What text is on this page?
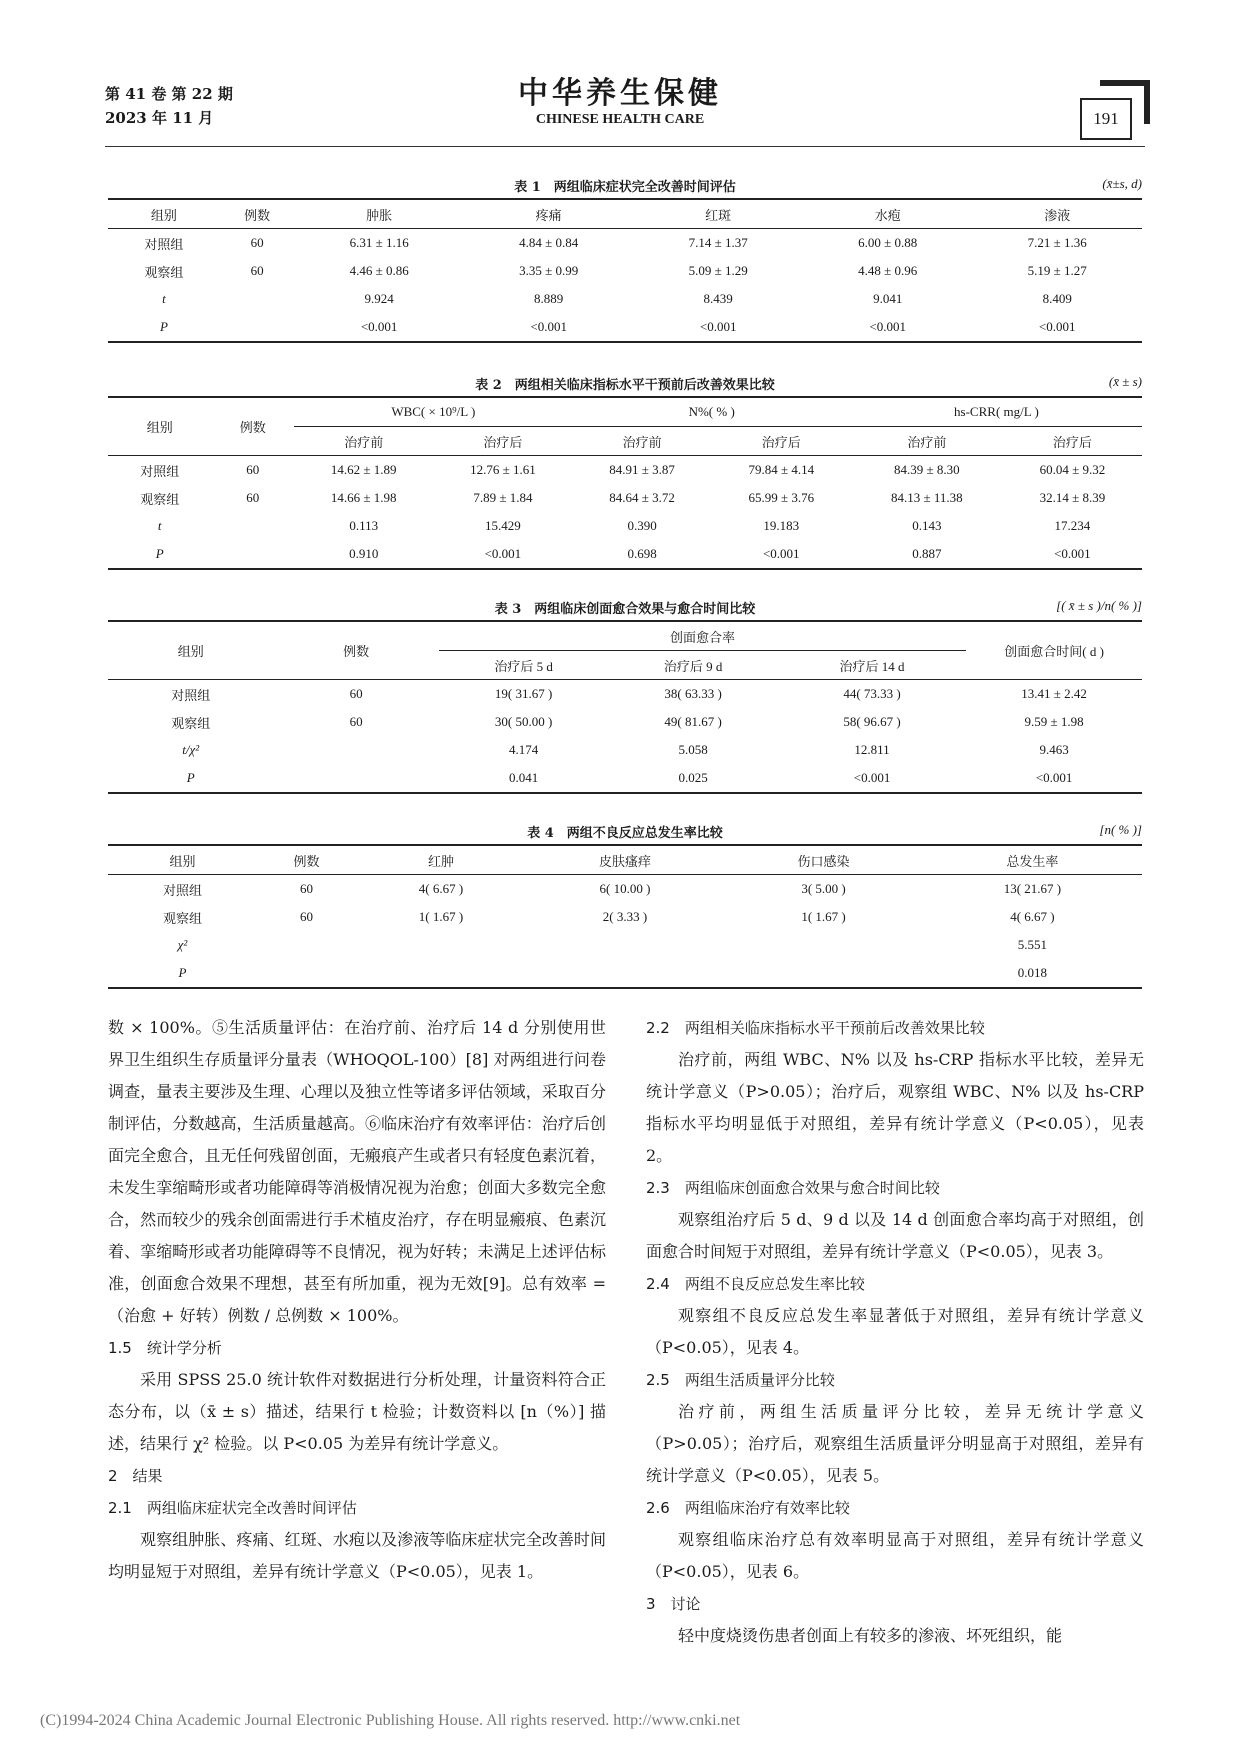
第 41 卷 第 22 期
2023 年 11 月
中华养生保健
CHINESE HEALTH CARE	191
表 1　两组临床症状完全改善时间评估	(x̄±s, d)
组别	例数	肿胀	疼痛	红斑	水疱	渗液
对照组	60	6.31 ± 1.16	4.84 ± 0.84	7.14 ± 1.37	6.00 ± 0.88	7.21 ± 1.36
观察组	60	4.46 ± 0.86	3.35 ± 0.99	5.09 ± 1.29	4.48 ± 0.96	5.19 ± 1.27
t		9.924	8.889	8.439	9.041	8.409
P		<0.001	<0.001	<0.001	<0.001	<0.001
表 2　两组相关临床指标水平干预前后改善效果比较	(x̄ ± s)
组别	例数	WBC( × 10⁹/L )		N%( % )		hs-CRR( mg/L )	
		治疗前	治疗后	治疗前	治疗后	治疗前	治疗后
对照组	60	14.62 ± 1.89	12.76 ± 1.61	84.91 ± 3.87	79.84 ± 4.14	84.39 ± 8.30	60.04 ± 9.32
观察组	60	14.66 ± 1.98	7.89 ± 1.84	84.64 ± 3.72	65.99 ± 3.76	84.13 ± 11.38	32.14 ± 8.39
t		0.113	15.429	0.390	19.183	0.143	17.234
P		0.910	<0.001	0.698	<0.001	0.887	<0.001
表 3　两组临床创面愈合效果与愈合时间比较	[( x̄ ± s )/n( % )]
组别	例数	创面愈合率			创面愈合时间( d )
		治疗后 5 d	治疗后 9 d	治疗后 14 d	
对照组	60	19( 31.67 )	38( 63.33 )	44( 73.33 )	13.41 ± 2.42
观察组	60	30( 50.00 )	49( 81.67 )	58( 96.67 )	9.59 ± 1.98
t/χ²		4.174	5.058	12.811	9.463
P		0.041	0.025	<0.001	<0.001
表 4　两组不良反应总发生率比较	[n( % )]
组别	例数	红肿	皮肤瘙痒	伤口感染	总发生率
对照组	60	4( 6.67 )	6( 10.00 )	3( 5.00 )	13( 21.67 )
观察组	60	1( 1.67 )	2( 3.33 )	1( 1.67 )	4( 6.67 )
χ²					5.551
P					0.018

数 × 100%。⑤生活质量评估：在治疗前、治疗后 14 d 分别使用世界卫生组织生存质量评分量表（WHOQOL-100）[8] 对两组进行问卷调查，量表主要涉及生理、心理以及独立性等诸多评估领域，采取百分制评估，分数越高，生活质量越高。⑥临床治疗有效率评估：治疗后创面完全愈合，且无任何残留创面，无瘢痕产生或者只有轻度色素沉着，未发生挛缩畸形或者功能障碍等消极情况视为治愈；创面大多数完全愈合，然而较少的残余创面需进行手术植皮治疗，存在明显瘢痕、色素沉着、挛缩畸形或者功能障碍等不良情况，视为好转；未满足上述评估标准，创面愈合效果不理想，甚至有所加重，视为无效[9]。总有效率 =（治愈 + 好转）例数 / 总例数 × 100%。

1.5　统计学分析

采用 SPSS 25.0 统计软件对数据进行分析处理，计量资料符合正态分布，以（x̄ ± s）描述，结果行 t 检验；计数资料以 [n（%）] 描述，结果行 χ² 检验。以 P<0.05 为差异有统计学意义。

2　结果

2.1　两组临床症状完全改善时间评估

观察组肿胀、疼痛、红斑、水疱以及渗液等临床症状完全改善时间均明显短于对照组，差异有统计学意义（P<0.05），见表 1。

2.2　两组相关临床指标水平干预前后改善效果比较

治疗前，两组 WBC、N% 以及 hs-CRP 指标水平比较，差异无统计学意义（P>0.05）；治疗后，观察组 WBC、N% 以及 hs-CRP 指标水平均明显低于对照组，差异有统计学意义（P<0.05），见表 2。

2.3　两组临床创面愈合效果与愈合时间比较

观察组治疗后 5 d、9 d 以及 14 d 创面愈合率均高于对照组，创面愈合时间短于对照组，差异有统计学意义（P<0.05），见表 3。

2.4　两组不良反应总发生率比较

观察组不良反应总发生率显著低于对照组，差异有统计学意义（P<0.05），见表 4。

2.5　两组生活质量评分比较

治疗前，两组生活质量评分比较，差异无统计学意义（P>0.05）；治疗后，观察组生活质量评分明显高于对照组，差异有统计学意义（P<0.05），见表 5。

2.6　两组临床治疗有效率比较

观察组临床治疗总有效率明显高于对照组，差异有统计学意义（P<0.05），见表 6。

3　讨论

轻中度烧烫伤患者创面上有较多的渗液、坏死组织，能

(C)1994-2024 China Academic Journal Electronic Publishing House. All rights reserved. http://www.cnki.net
